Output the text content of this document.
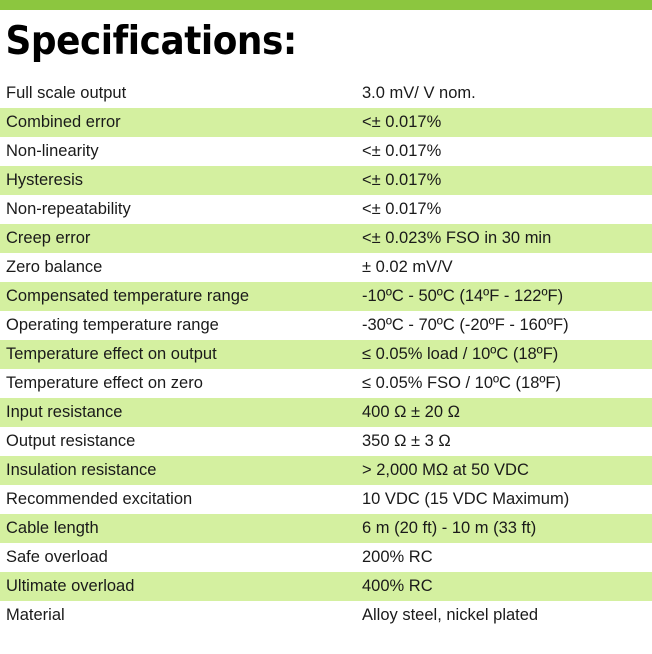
Specifications:
Full scale output	3.0 mV/ V nom.
Combined error	<± 0.017%
Non-linearity	<± 0.017%
Hysteresis	<± 0.017%
Non-repeatability	<± 0.017%
Creep error	<± 0.023% FSO in 30 min
Zero balance	± 0.02 mV/V
Compensated temperature range	-10ºC - 50ºC (14ºF - 122ºF)
Operating temperature range	-30ºC - 70ºC (-20ºF - 160ºF)
Temperature effect on output	≤ 0.05% load / 10ºC (18ºF)
Temperature effect on zero	≤ 0.05% FSO / 10ºC (18ºF)
Input resistance	400 Ω ± 20 Ω
Output resistance	350 Ω ± 3 Ω
Insulation resistance	> 2,000 MΩ at 50 VDC
Recommended excitation	10 VDC (15 VDC Maximum)
Cable length	6 m (20 ft) - 10 m (33 ft)
Safe overload	200% RC
Ultimate overload	400% RC
Material	Alloy steel, nickel plated
